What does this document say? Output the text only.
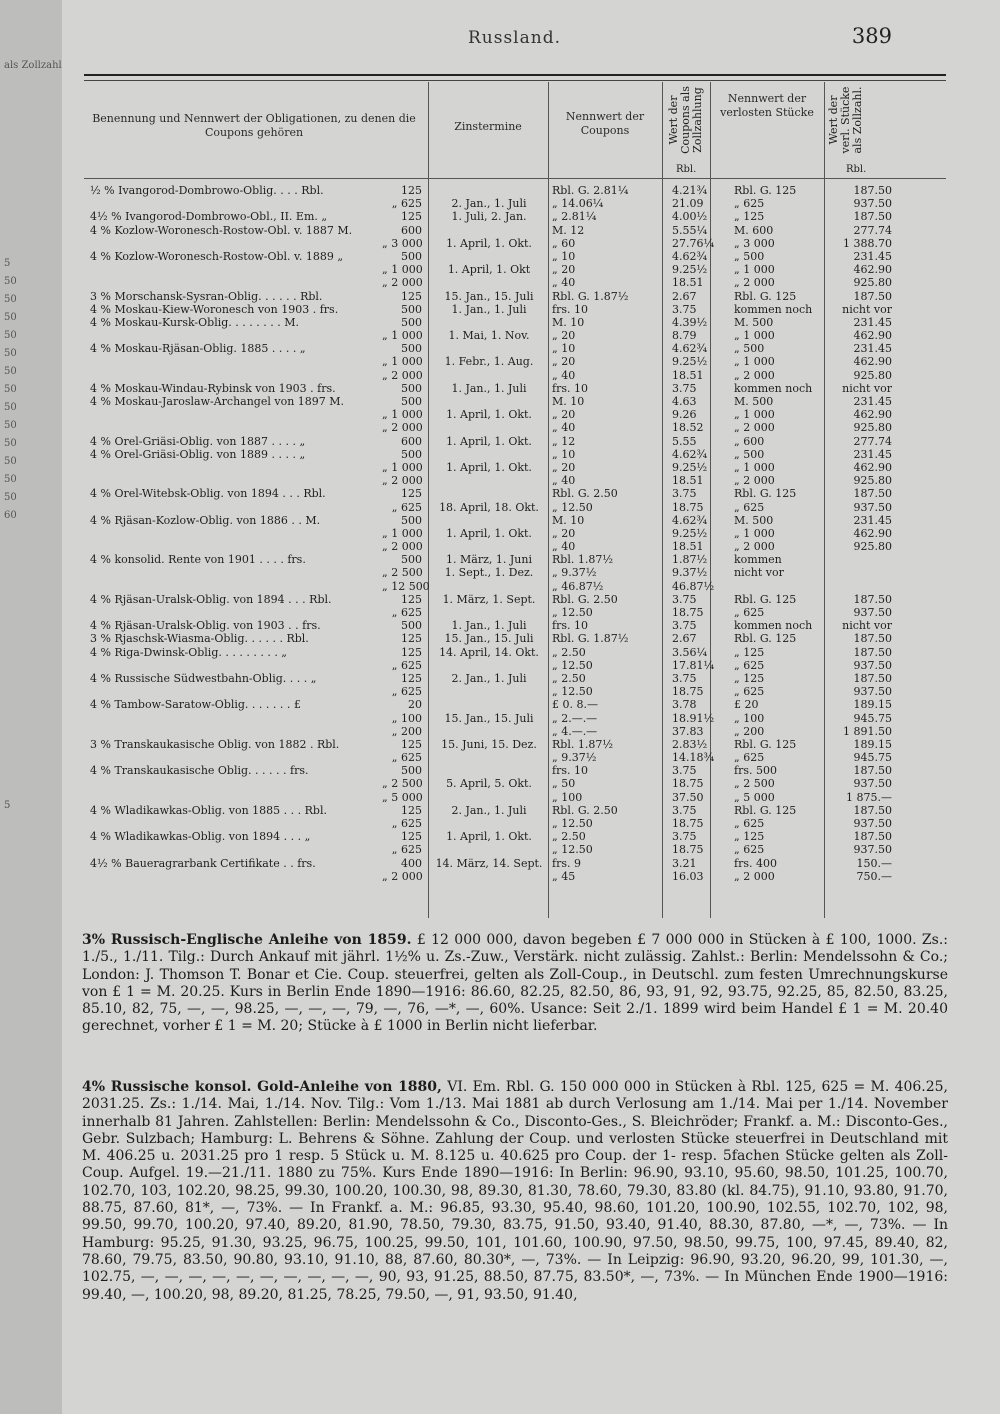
als Zollzahl
5
50
50
50
50
50
50
50
50
50
50
50
50
50
60
5
Russland.	389
Benennung und Nennwert der Obligationen, zu denen die Coupons gehören	Zinstermine
Nennwert der Coupons	Wert der Coupons als Zollzahlung	Nennwert der verlosten Stücke	Wert der verl. Stücke als Zollzahl.
Rbl.	Rbl.
½ % Ivangorod-Dombrowo-Oblig. . . . Rbl.	125	Rbl. G. 2.81¼	4.21¾ Rbl. G. 125	187.50
„ 625	2. Jan., 1. Juli	„ 14.06¼	21.09	„ 625	937.50
4½ % Ivangorod-Dombrowo-Obl., II. Em. „	125	1. Juli, 2. Jan.	„ 2.81¼	4.00½ „ 125	187.50
4 % Kozlow-Woronesch-Rostow-Obl. v. 1887 M.	600	M. 12	5.55¼ M. 600	277.74
„ 3 000	1. April, 1. Okt.	„ 60	27.76¼ „ 3 000	1 388.70
4 % Kozlow-Woronesch-Rostow-Obl. v. 1889 „	500	„ 10	4.62¾ „ 500	231.45
„ 1 000	1. April, 1. Okt	„ 20	9.25½ „ 1 000	462.90
„ 2 000	„ 40	18.51	„ 2 000	925.80
3 % Morschansk-Sysran-Oblig. . . . . . Rbl.	125	15. Jan., 15. Juli	Rbl. G. 1.87½	2.67	Rbl. G. 125	187.50
4 % Moskau-Kiew-Woronesch von 1903 . frs.	500	1. Jan., 1. Juli	frs. 10	3.75	kommen noch	nicht vor
4 % Moskau-Kursk-Oblig. . . . . . . . M.	500	M. 10	4.39½ M. 500	231.45
„ 1 000	1. Mai, 1. Nov.	„ 20	8.79	„ 1 000	462.90
4 % Moskau-Rjäsan-Oblig. 1885 . . . . „	500	„ 10	4.62¾ „ 500	231.45
„ 1 000	1. Febr., 1. Aug.	„ 20	9.25½ „ 1 000	462.90
„ 2 000	„ 40	18.51	„ 2 000	925.80
4 % Moskau-Windau-Rybinsk von 1903 . frs.	500	1. Jan., 1. Juli	frs. 10	3.75	kommen noch	nicht vor
4 % Moskau-Jaroslaw-Archangel von 1897 M.	500	M. 10	4.63	M. 500	231.45
„ 1 000	1. April, 1. Okt.	„ 20	9.26	„ 1 000	462.90
„ 2 000	„ 40	18.52	„ 2 000	925.80
4 % Orel-Griäsi-Oblig. von 1887 . . . . „	600	1. April, 1. Okt.	„ 12	5.55	„ 600	277.74
4 % Orel-Griäsi-Oblig. von 1889 . . . . „	500	„ 10	4.62¾ „ 500	231.45
„ 1 000	1. April, 1. Okt.	„ 20	9.25½ „ 1 000	462.90
„ 2 000	„ 40	18.51	„ 2 000	925.80
4 % Orel-Witebsk-Oblig. von 1894 . . . Rbl.	125	Rbl. G. 2.50	3.75	Rbl. G. 125	187.50
„ 625	18. April, 18. Okt.	„ 12.50	18.75	„ 625	937.50
4 % Rjäsan-Kozlow-Oblig. von 1886 . . M.	500	M. 10	4.62¾ M. 500	231.45
„ 1 000	1. April, 1. Okt.	„ 20	9.25½ „ 1 000	462.90
„ 2 000	„ 40	18.51	„ 2 000	925.80
4 % konsolid. Rente von 1901 . . . . frs.	500	1. März, 1. Juni	Rbl. 1.87½	1.87½ kommen
„ 2 500	1. Sept., 1. Dez.	„ 9.37½	9.37½ nicht vor
„ 12 500	„ 46.87½	46.87½
4 % Rjäsan-Uralsk-Oblig. von 1894 . . . Rbl.	125	1. März, 1. Sept.	Rbl. G. 2.50	3.75	Rbl. G. 125	187.50
„ 625	„ 12.50	18.75	„ 625	937.50
4 % Rjäsan-Uralsk-Oblig. von 1903 . . frs.	500	1. Jan., 1. Juli	frs. 10	3.75	kommen noch	nicht vor
3 % Rjaschsk-Wiasma-Oblig. . . . . . Rbl.	125	15. Jan., 15. Juli	Rbl. G. 1.87½	2.67	Rbl. G. 125	187.50
4 % Riga-Dwinsk-Oblig. . . . . . . . . „	125	14. April, 14. Okt.	„ 2.50	3.56¼ „ 125	187.50
„ 625	„ 12.50	17.81¼ „ 625	937.50
4 % Russische Südwestbahn-Oblig. . . . „	125	2. Jan., 1. Juli	„ 2.50	3.75	„ 125	187.50
„ 625	„ 12.50	18.75	„ 625	937.50
4 % Tambow-Saratow-Oblig. . . . . . . £	20	£ 0. 8.—	3.78	£ 20	189.15
„ 100	15. Jan., 15. Juli	„ 2.—.—	18.91½ „ 100	945.75
„ 200	„ 4.—.—	37.83	„ 200	1 891.50
3 % Transkaukasische Oblig. von 1882 . Rbl.	125	15. Juni, 15. Dez.	Rbl. 1.87½	2.83½ Rbl. G. 125	189.15
„ 625	„ 9.37½	14.18¾ „ 625	945.75
4 % Transkaukasische Oblig. . . . . . frs.	500	frs. 10	3.75	frs. 500	187.50
„ 2 500	5. April, 5. Okt.	„ 50	18.75	„ 2 500	937.50
„ 5 000	„ 100	37.50	„ 5 000	1 875.—
4 % Wladikawkas-Oblig. von 1885 . . . Rbl.	125	2. Jan., 1. Juli	Rbl. G. 2.50	3.75	Rbl. G. 125	187.50
„ 625	„ 12.50	18.75	„ 625	937.50
4 % Wladikawkas-Oblig. von 1894 . . . „	125	1. April, 1. Okt.	„ 2.50	3.75	„ 125	187.50
„ 625	„ 12.50	18.75	„ 625	937.50
4½ % Baueragrarbank Certifikate . . frs.	400	14. März, 14. Sept. frs. 9	3.21	frs. 400	150.—
„ 2 000	„ 45	16.03	„ 2 000	750.—
3% Russisch-Englische Anleihe von 1859. £ 12 000 000, davon begeben £ 7 000 000 in Stücken à £ 100, 1000. Zs.: 1./5., 1./11. Tilg.: Durch Ankauf mit jährl. 1½% u. Zs.-Zuw., Verstärk. nicht zulässig. Zahlst.: Berlin: Mendelssohn & Co.; London: J. Thomson T. Bonar et Cie. Coup. steuerfrei, gelten als Zoll-Coup., in Deutschl. zum festen Umrechnungskurse von £ 1 = M. 20.25. Kurs in Berlin Ende 1890—1916: 86.60, 82.25, 82.50, 86, 93, 91, 92, 93.75, 92.25, 85, 82.50, 83.25, 85.10, 82, 75, —, —, 98.25, —, —, —, 79, —, 76, —*, —, 60%. Usance: Seit 2./1. 1899 wird beim Handel £ 1 = M. 20.40 gerechnet, vorher £ 1 = M. 20; Stücke à £ 1000 in Berlin nicht lieferbar.
4% Russische konsol. Gold-Anleihe von 1880, VI. Em. Rbl. G. 150 000 000 in Stücken à Rbl. 125, 625 = M. 406.25, 2031.25. Zs.: 1./14. Mai, 1./14. Nov. Tilg.: Vom 1./13. Mai 1881 ab durch Verlosung am 1./14. Mai per 1./14. November innerhalb 81 Jahren. Zahlstellen: Berlin: Mendelssohn & Co., Disconto-Ges., S. Bleichröder; Frankf. a. M.: Disconto-Ges., Gebr. Sulzbach; Hamburg: L. Behrens & Söhne. Zahlung der Coup. und verlosten Stücke steuerfrei in Deutschland mit M. 406.25 u. 2031.25 pro 1 resp. 5 Stück u. M. 8.125 u. 40.625 pro Coup. der 1- resp. 5fachen Stücke gelten als Zoll-Coup. Aufgel. 19.—21./11. 1880 zu 75%. Kurs Ende 1890—1916: In Berlin: 96.90, 93.10, 95.60, 98.50, 101.25, 100.70, 102.70, 103, 102.20, 98.25, 99.30, 100.20, 100.30, 98, 89.30, 81.30, 78.60, 79.30, 83.80 (kl. 84.75), 91.10, 93.80, 91.70, 88.75, 87.60, 81*, —, 73%. — In Frankf. a. M.: 96.85, 93.30, 95.40, 98.60, 101.20, 100.90, 102.55, 102.70, 102, 98, 99.50, 99.70, 100.20, 97.40, 89.20, 81.90, 78.50, 79.30, 83.75, 91.50, 93.40, 91.40, 88.30, 87.80, —*, —, 73%. — In Hamburg: 95.25, 91.30, 93.25, 96.75, 100.25, 99.50, 101, 101.60, 100.90, 97.50, 98.50, 99.75, 100, 97.45, 89.40, 82, 78.60, 79.75, 83.50, 90.80, 93.10, 91.10, 88, 87.60, 80.30*, —, 73%. — In Leipzig: 96.90, 93.20, 96.20, 99, 101.30, —, 102.75, —, —, —, —, —, —, —, —, —, —, 90, 93, 91.25, 88.50, 87.75, 83.50*, —, 73%. — In München Ende 1900—1916: 99.40, —, 100.20, 98, 89.20, 81.25, 78.25, 79.50, —, 91, 93.50, 91.40,
